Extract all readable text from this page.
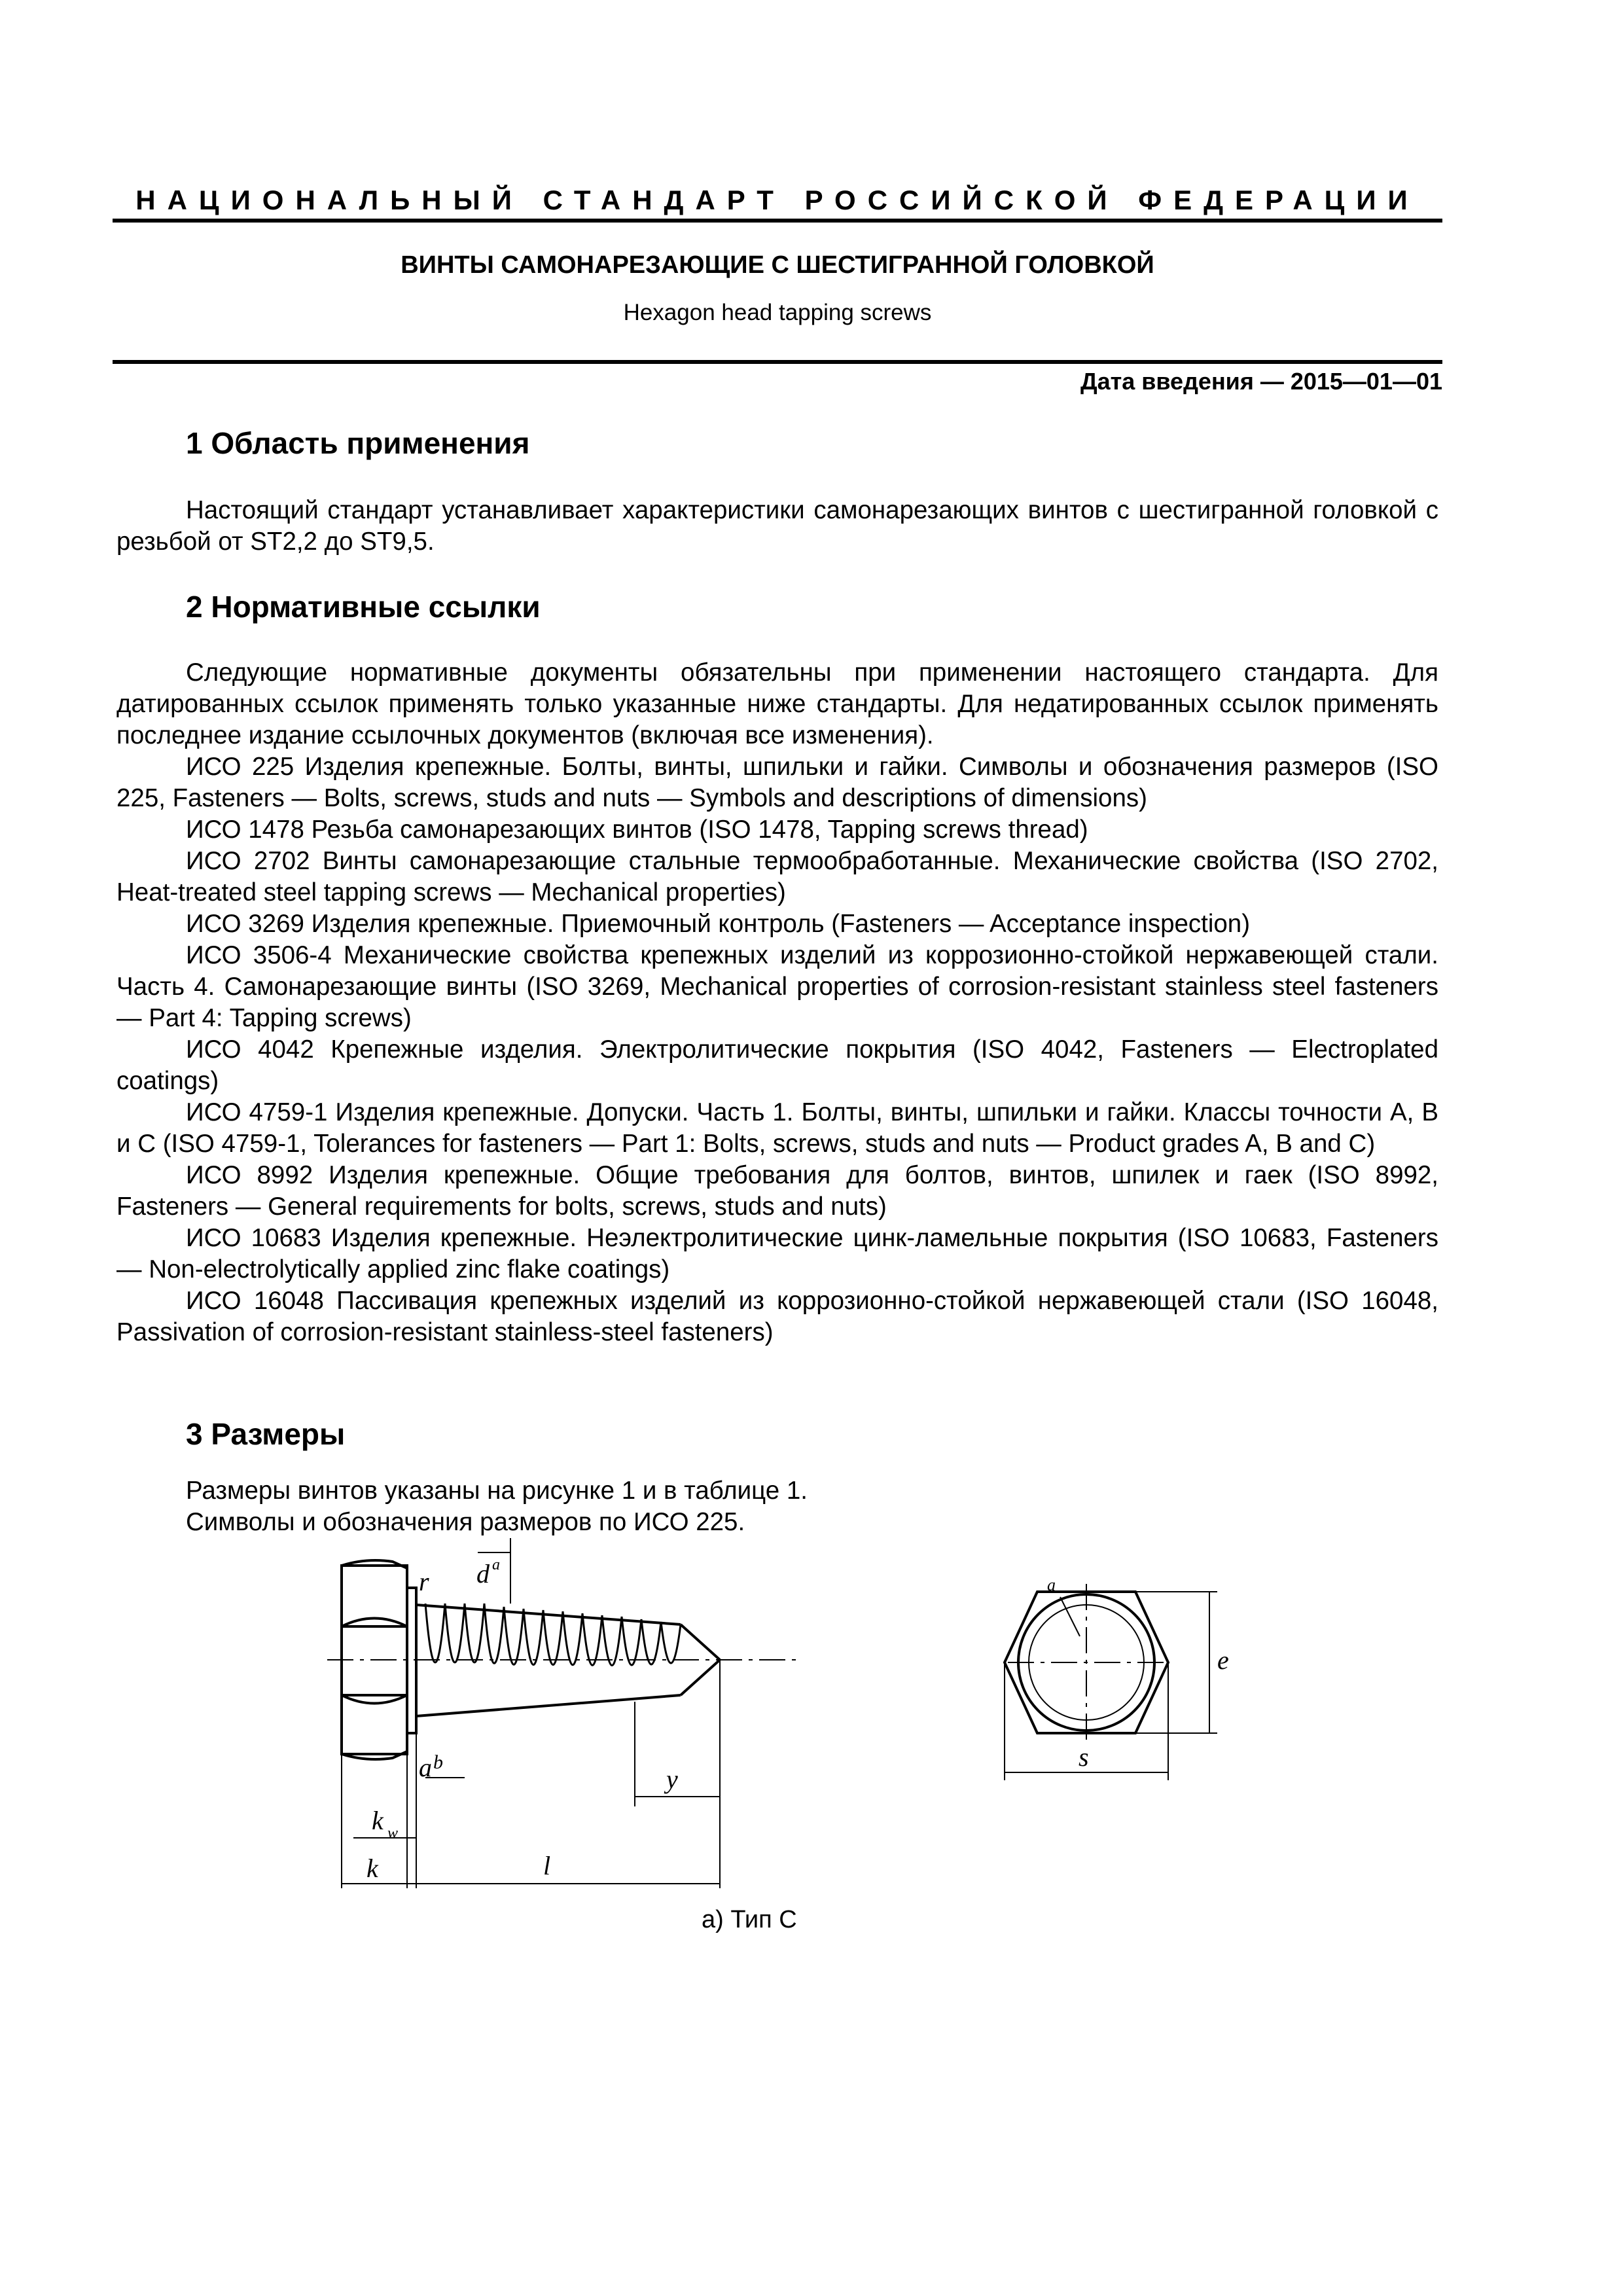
НАЦИОНАЛЬНЫЙ СТАНДАРТ РОССИЙСКОЙ ФЕДЕРАЦИИ
ВИНТЫ САМОНАРЕЗАЮЩИЕ С ШЕСТИГРАННОЙ ГОЛОВКОЙ
Hexagon head tapping screws
Дата введения — 2015—01—01
1 Область применения

Настоящий стандарт устанавливает характеристики самонарезающих винтов с шестигранной головкой с резьбой от ST2,2 до ST9,5.

2 Нормативные ссылки

Следующие нормативные документы обязательны при применении настоящего стандарта. Для датированных ссылок применять только указанные ниже стандарты. Для недатированных ссылок применять последнее издание ссылочных документов (включая все изменения).

ИСО 225 Изделия крепежные. Болты, винты, шпильки и гайки. Символы и обозначения размеров (ISO 225, Fasteners — Bolts, screws, studs and nuts — Symbols and descriptions of dimensions)

ИСО 1478 Резьба самонарезающих винтов (ISO 1478, Tapping screws thread)

ИСО 2702 Винты самонарезающие стальные термообработанные. Механические свойства (ISO 2702, Heat-treated steel tapping screws — Mechanical properties)

ИСО 3269 Изделия крепежные. Приемочный контроль (Fasteners — Acceptance inspection)

ИСО 3506-4 Механические свойства крепежных изделий из коррозионно-стойкой нержавеющей стали. Часть 4. Самонарезающие винты (ISO 3269, Mechanical properties of corrosion-resistant stainless steel fasteners — Part 4: Tapping screws)

ИСО 4042 Крепежные изделия. Электролитические покрытия (ISO 4042, Fasteners — Electroplated coatings)

ИСО 4759-1 Изделия крепежные. Допуски. Часть 1. Болты, винты, шпильки и гайки. Классы точности A, B и C (ISO 4759-1, Tolerances for fasteners — Part 1: Bolts, screws, studs and nuts — Product grades A, B and C)

ИСО 8992 Изделия крепежные. Общие требования для болтов, винтов, шпилек и гаек (ISO 8992, Fasteners — General requirements for bolts, screws, studs and nuts)

ИСО 10683 Изделия крепежные. Неэлектролитические цинк-ламельные покрытия (ISO 10683, Fasteners — Non-electrolytically applied zinc flake coatings)

ИСО 16048 Пассивация крепежных изделий из коррозионно-стойкой нержавеющей стали (ISO 16048, Passivation of corrosion-resistant stainless-steel fasteners)

3 Размеры

Размеры винтов указаны на рисунке 1 и в таблице 1.

Символы и обозначения размеров по ИСО 225.

r d a
a b
y
k w
k	l
a
e
s
а) Тип C
